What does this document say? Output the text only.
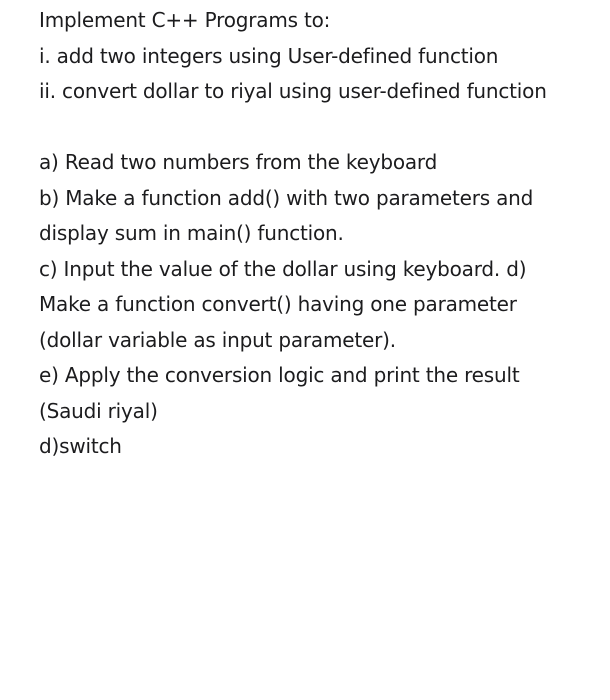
Implement C++ Programs to:
i. add two integers using User-defined function
ii. convert dollar to riyal using user-defined function
a) Read two numbers from the keyboard
b) Make a function add() with two parameters and
display sum in main() function.
c) Input the value of the dollar using keyboard. d)
Make a function convert() having one parameter
(dollar variable as input parameter).
e) Apply the conversion logic and print the result
(Saudi riyal)
d)switch
